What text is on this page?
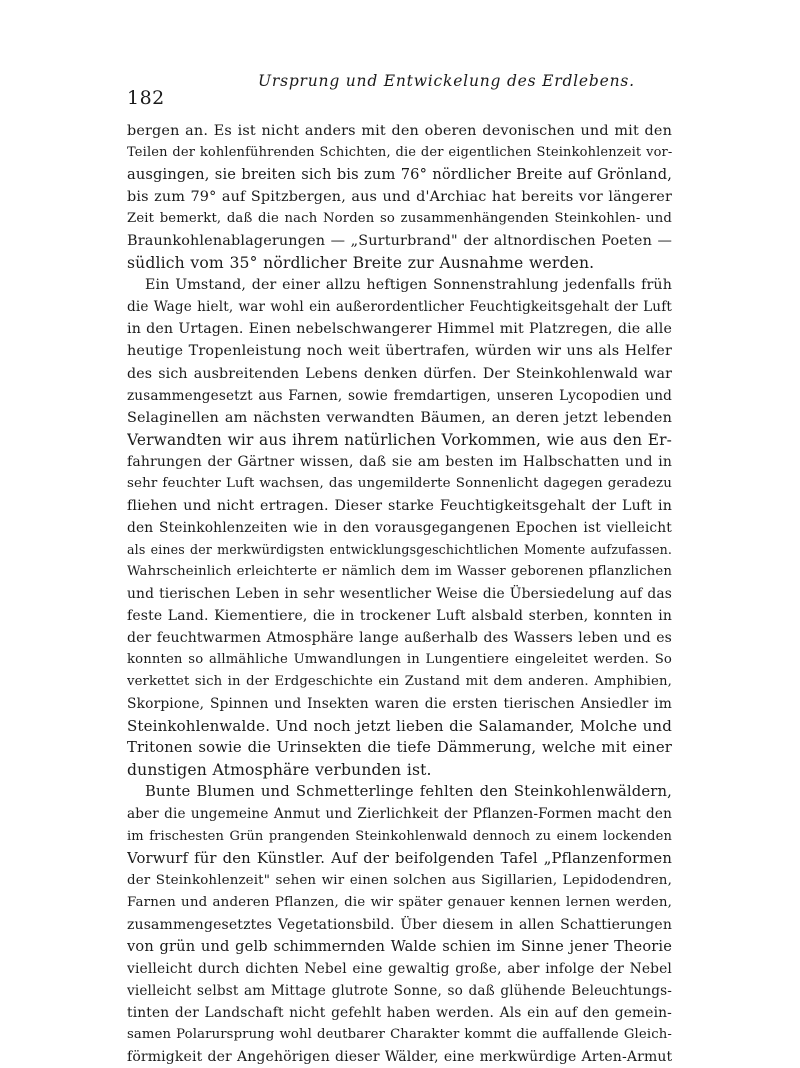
Ursprung und Entwickelung des Erdlebens.
182
bergen an. Es ist nicht anders mit den oberen devonischen und mit den
Teilen der kohlenführenden Schichten, die der eigentlichen Steinkohlenzeit vor-
ausgingen, sie breiten sich bis zum 76° nördlicher Breite auf Grönland,
bis zum 79° auf Spitzbergen, aus und d'Archiac hat bereits vor längerer
Zeit bemerkt, daß die nach Norden so zusammenhängenden Steinkohlen- und
Braunkohlenablagerungen — „Surturbrand" der altnordischen Poeten —
südlich vom 35° nördlicher Breite zur Ausnahme werden.
Ein Umstand, der einer allzu heftigen Sonnenstrahlung jedenfalls früh
die Wage hielt, war wohl ein außerordentlicher Feuchtigkeitsgehalt der Luft
in den Urtagen. Einen nebelschwangerer Himmel mit Platzregen, die alle
heutige Tropenleistung noch weit übertrafen, würden wir uns als Helfer
des sich ausbreitenden Lebens denken dürfen. Der Steinkohlenwald war
zusammengesetzt aus Farnen, sowie fremdartigen, unseren Lycopodien und
Selaginellen am nächsten verwandten Bäumen, an deren jetzt lebenden
Verwandten wir aus ihrem natürlichen Vorkommen, wie aus den Er-
fahrungen der Gärtner wissen, daß sie am besten im Halbschatten und in
sehr feuchter Luft wachsen, das ungemilderte Sonnenlicht dagegen geradezu
fliehen und nicht ertragen. Dieser starke Feuchtigkeitsgehalt der Luft in
den Steinkohlenzeiten wie in den vorausgegangenen Epochen ist vielleicht
als eines der merkwürdigsten entwicklungsgeschichtlichen Momente aufzufassen.
Wahrscheinlich erleichterte er nämlich dem im Wasser geborenen pflanzlichen
und tierischen Leben in sehr wesentlicher Weise die Übersiedelung auf das
feste Land. Kiementiere, die in trockener Luft alsbald sterben, konnten in
der feuchtwarmen Atmosphäre lange außerhalb des Wassers leben und es
konnten so allmähliche Umwandlungen in Lungentiere eingeleitet werden. So
verkettet sich in der Erdgeschichte ein Zustand mit dem anderen. Amphibien,
Skorpione, Spinnen und Insekten waren die ersten tierischen Ansiedler im
Steinkohlenwalde. Und noch jetzt lieben die Salamander, Molche und
Tritonen sowie die Urinsekten die tiefe Dämmerung, welche mit einer
dunstigen Atmosphäre verbunden ist.
Bunte Blumen und Schmetterlinge fehlten den Steinkohlenwäldern,
aber die ungemeine Anmut und Zierlichkeit der Pflanzen-Formen macht den
im frischesten Grün prangenden Steinkohlenwald dennoch zu einem lockenden
Vorwurf für den Künstler. Auf der beifolgenden Tafel „Pflanzenformen
der Steinkohlenzeit" sehen wir einen solchen aus Sigillarien, Lepidodendren,
Farnen und anderen Pflanzen, die wir später genauer kennen lernen werden,
zusammengesetztes Vegetationsbild. Über diesem in allen Schattierungen
von grün und gelb schimmernden Walde schien im Sinne jener Theorie
vielleicht durch dichten Nebel eine gewaltig große, aber infolge der Nebel
vielleicht selbst am Mittage glutrote Sonne, so daß glühende Beleuchtungs-
tinten der Landschaft nicht gefehlt haben werden. Als ein auf den gemein-
samen Polarursprung wohl deutbarer Charakter kommt die auffallende Gleich-
förmigkeit der Angehörigen dieser Wälder, eine merkwürdige Arten-Armut
